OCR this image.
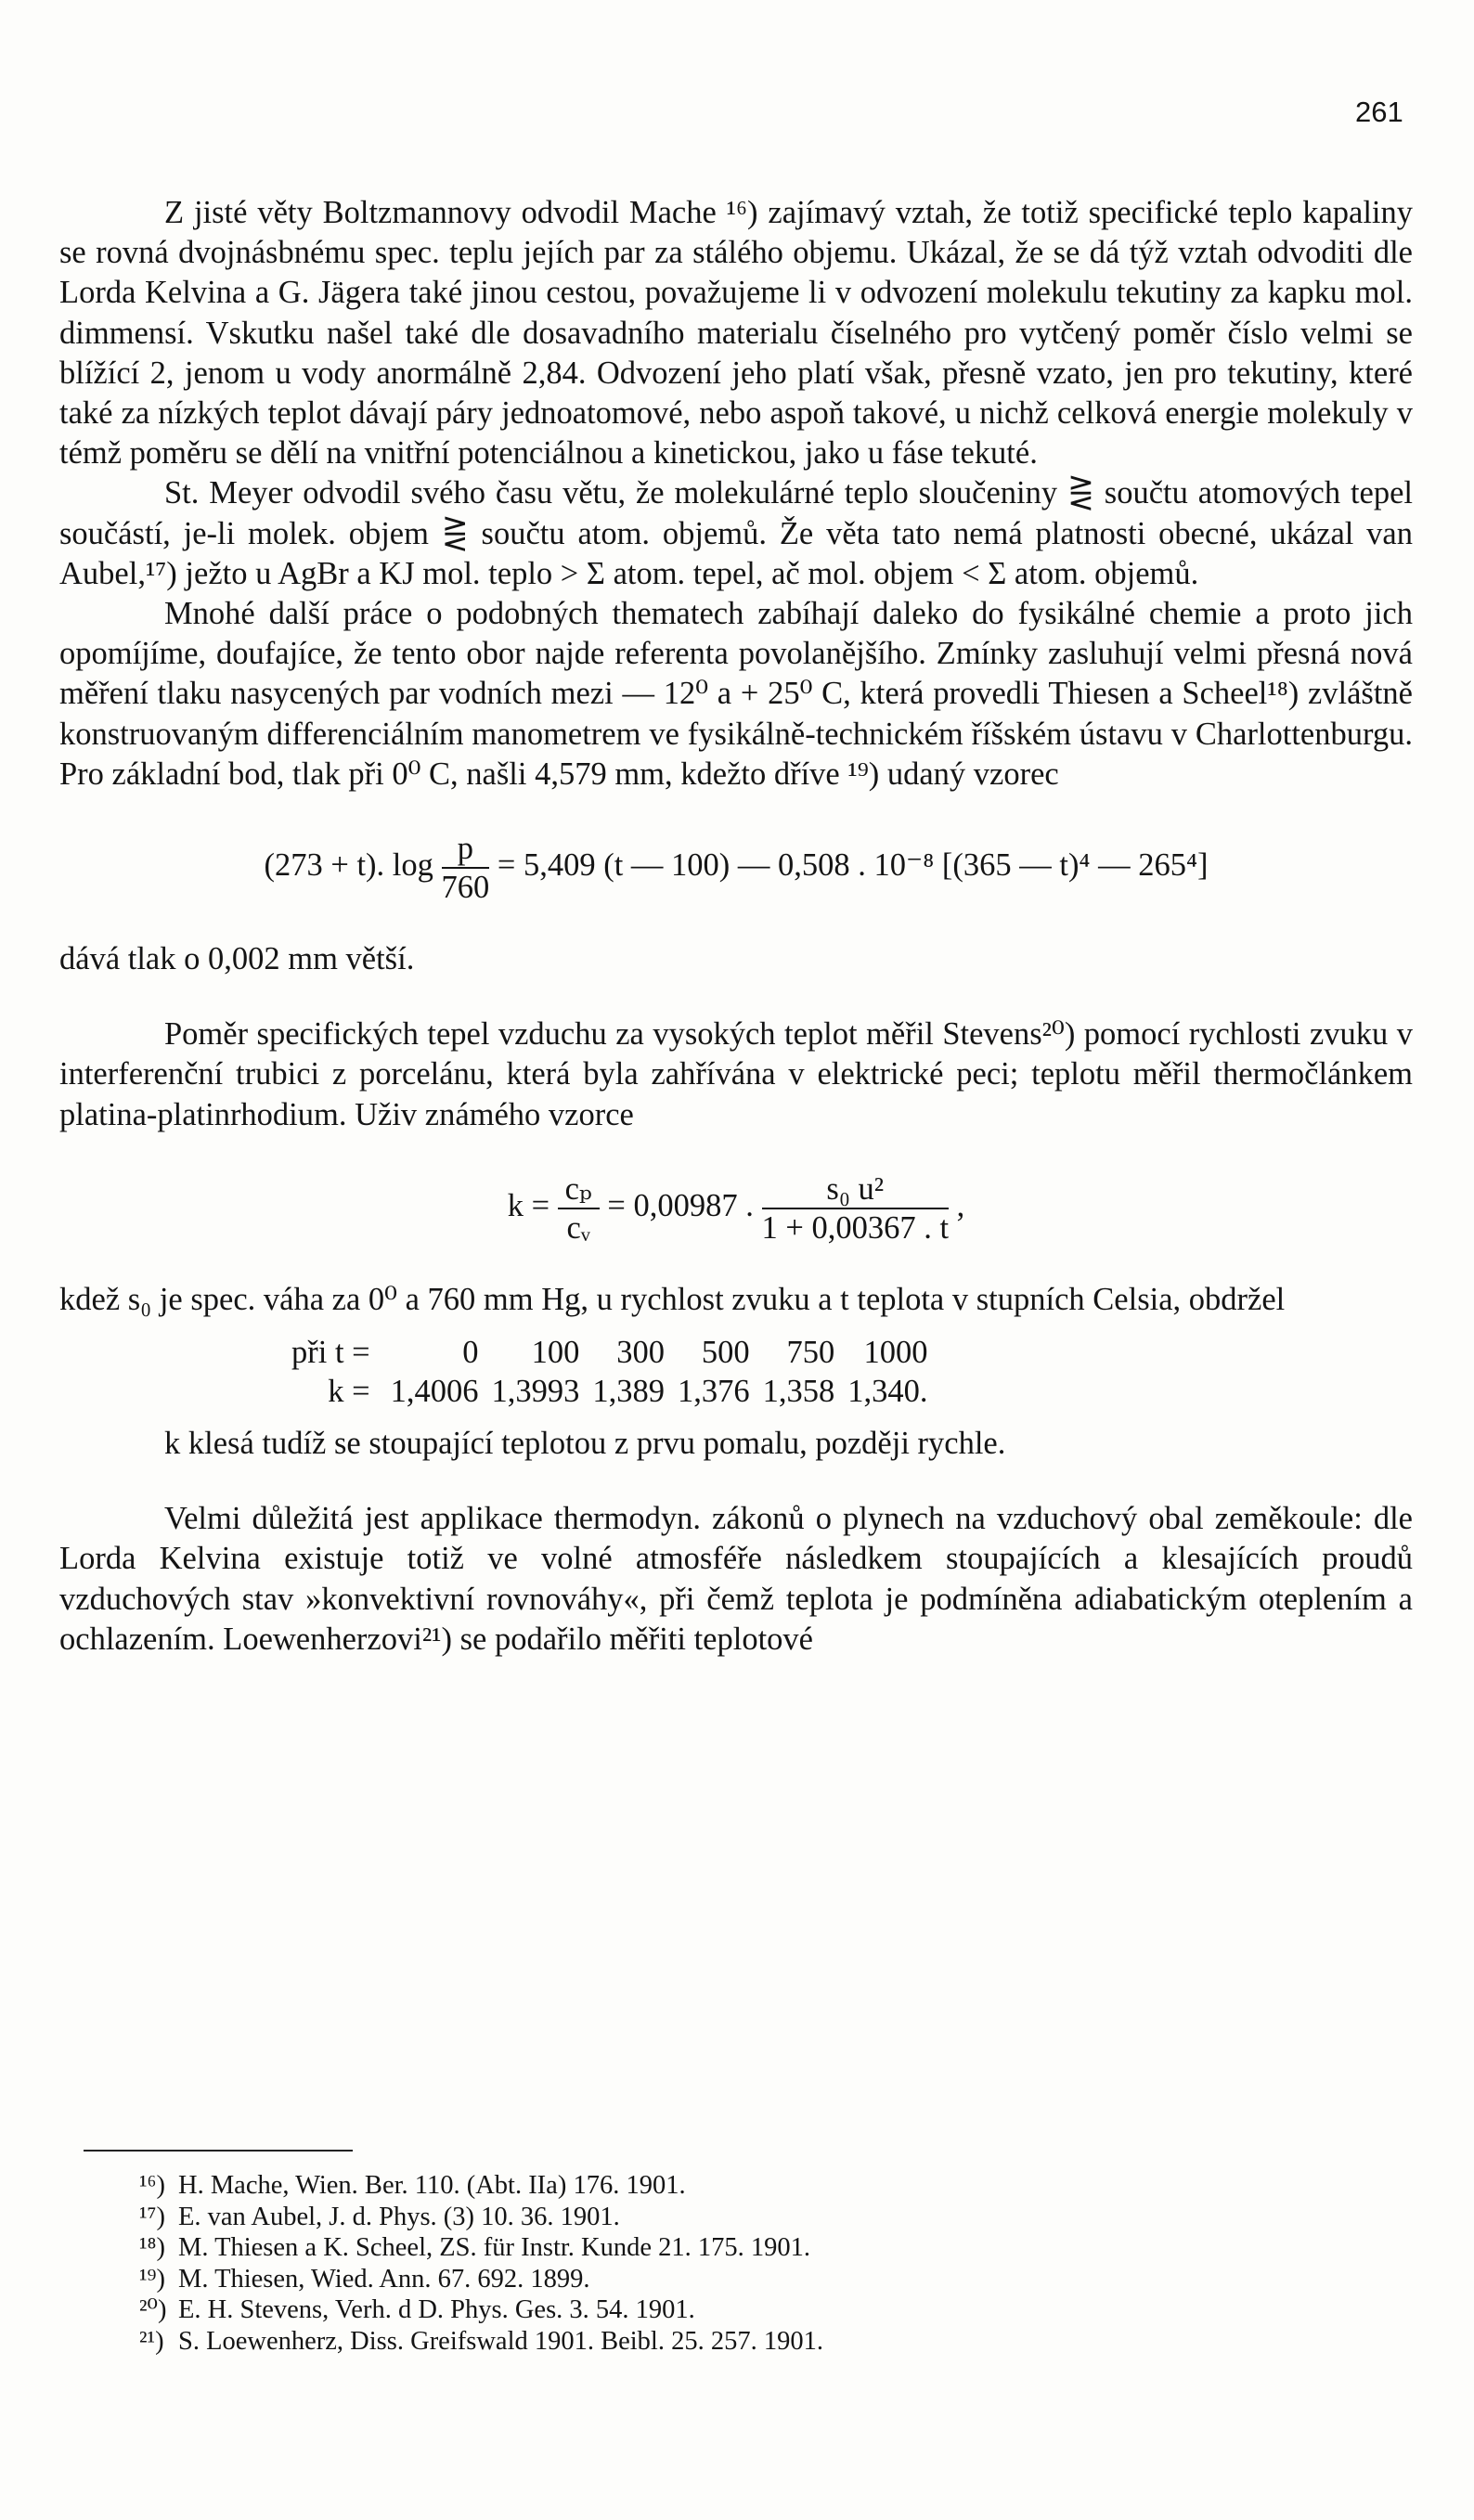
261

Z jisté věty Boltzmannovy odvodil Mache ¹⁶) zajímavý vztah, že totiž specifické teplo kapaliny se rovná dvojnásbnému spec. teplu jejích par za stálého objemu. Ukázal, že se dá týž vztah odvoditi dle Lorda Kelvina a G. Jägera také jinou cestou, považujeme li v odvození molekulu tekutiny za kapku mol. dimmensí. Vskutku našel také dle dosavadního materialu číselného pro vytčený poměr číslo velmi se blížící 2, jenom u vody anormálně 2,84. Odvození jeho platí však, přesně vzato, jen pro tekutiny, které také za nízkých teplot dávají páry jednoatomové, nebo aspoň takové, u nichž celková energie molekuly v témž poměru se dělí na vnitřní potenciálnou a kinetickou, jako u fáse tekuté.

St. Meyer odvodil svého času větu, že molekulárné teplo sloučeniny ⋛ součtu atomových tepel součástí, je-li molek. objem ⋛ součtu atom. objemů. Že věta tato nemá platnosti obecné, ukázal van Aubel,¹⁷) ježto u AgBr a KJ mol. teplo > Σ atom. tepel, ač mol. objem < Σ atom. objemů.

Mnohé další práce o podobných thematech zabíhají daleko do fysikálné chemie a proto jich opomíjíme, doufajíce, že tento obor najde referenta povolanějšího. Zmínky zasluhují velmi přesná nová měření tlaku nasycených par vodních mezi — 12⁰ a + 25⁰ C, která provedli Thiesen a Scheel¹⁸) zvláštně konstruovaným differenciálním manometrem ve fysikálně-technickém říšském ústavu v Charlottenburgu. Pro základní bod, tlak při 0⁰ C, našli 4,579 mm, kdežto dříve ¹⁹) udaný vzorec

(273 + t). $\log \frac{p}{760} = 5,409$ (t — 100) — 0,508 . 10⁻⁸ [(365 — t)⁴ — 265⁴]

dává tlak o 0,002 mm větší.

Poměr specifických tepel vzduchu za vysokých teplot měřil Stevens²⁰) pomocí rychlosti zvuku v interferenční trubici z porcelánu, která byla zahřívána v elektrické peci; teplotu měřil thermočlánkem platina-platinrhodium. Uživ známého vzorce

$k = \frac{\text{cₚ}}{\text{cᵥ}} = 0,00987$ . $\frac{\text{s₀ u²}}{1 + 0,00367 . t}$ ,

kdež s₀ je spec. váha za 0⁰ a 760 mm Hg, u rychlost zvuku a t teplota v stupních Celsia, obdržel

při t =	0	100	300	500	750	1000
k =	1,4006	1,3993	1,389	1,376	1,358	1,340.

k klesá tudíž se stoupající teplotou z prvu pomalu, později rychle.

Velmi důležitá jest applikace thermodyn. zákonů o plynech na vzduchový obal zeměkoule: dle Lorda Kelvina existuje totiž ve volné atmosféře následkem stoupajících a klesajících proudů vzduchových stav »konvektivní rovnováhy«, při čemž teplota je podmíněna adiabatickým oteplením a ochlazením. Loewenherzovi²¹) se podařilo měřiti teplotové

¹⁶) H. Mache, Wien. Ber. 110. (Abt. IIa) 176. 1901.
¹⁷) E. van Aubel, J. d. Phys. (3) 10. 36. 1901.
¹⁸) M. Thiesen a K. Scheel, ZS. für Instr. Kunde 21. 175. 1901.
¹⁹) M. Thiesen, Wied. Ann. 67. 692. 1899.
²⁰) E. H. Stevens, Verh. d D. Phys. Ges. 3. 54. 1901.
²¹) S. Loewenherz, Diss. Greifswald 1901. Beibl. 25. 257. 1901.
